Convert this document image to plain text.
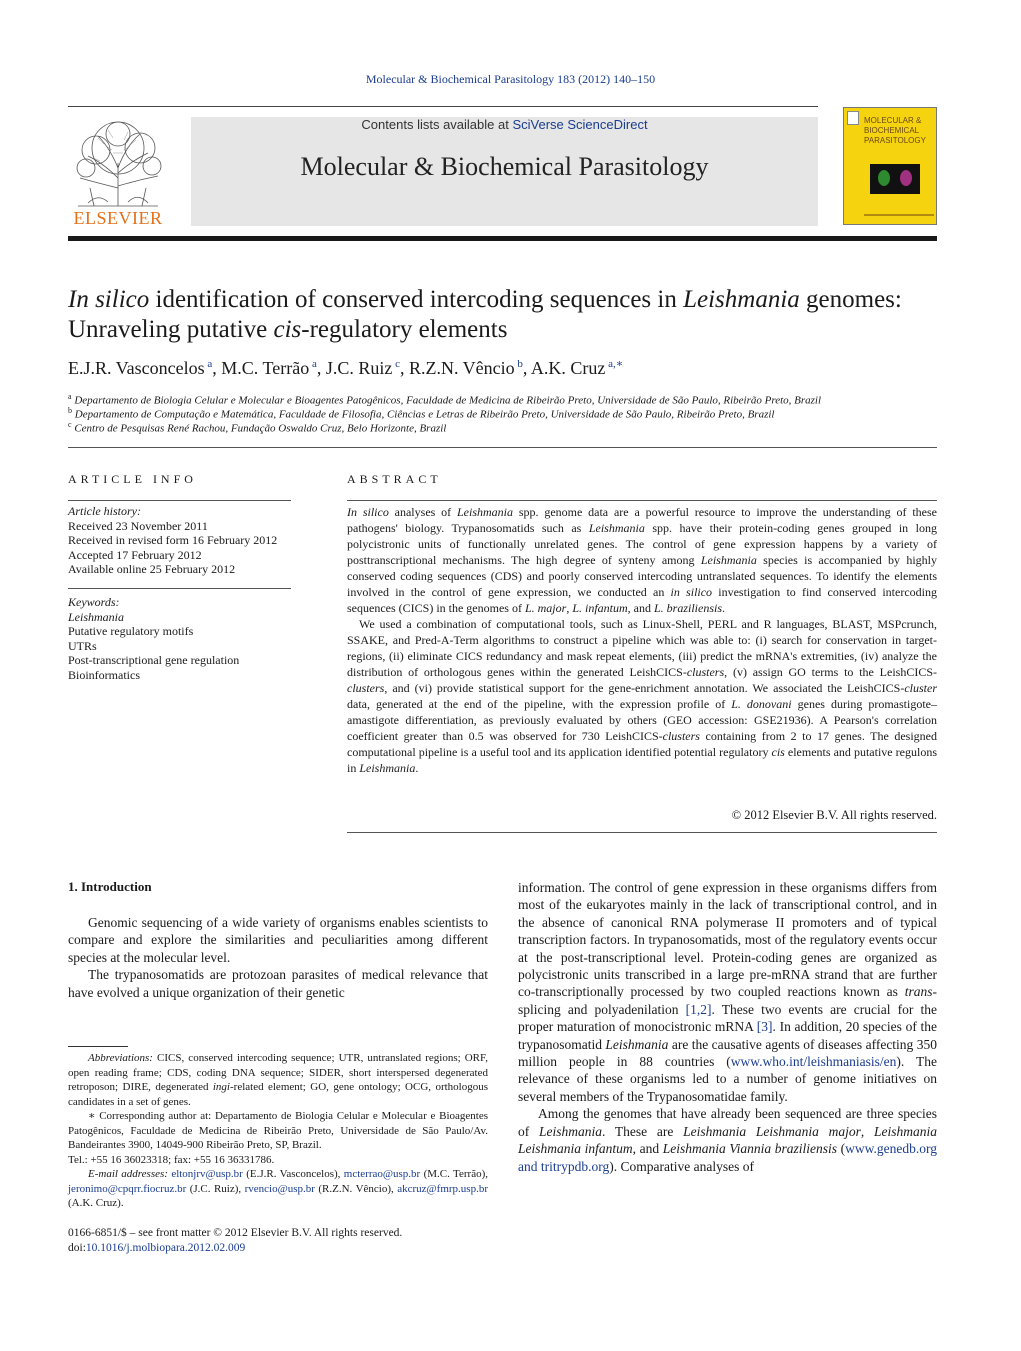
Molecular & Biochemical Parasitology 183 (2012) 140–150
ELSEVIER
Contents lists available at SciVerse ScienceDirect
Molecular & Biochemical Parasitology
MOLECULAR & BIOCHEMICAL PARASITOLOGY
In silico identification of conserved intercoding sequences in Leishmania genomes: Unraveling putative cis-regulatory elements
E.J.R. Vasconcelos $^a$, M.C. Terrão $^a$, J.C. Ruiz $^c$, R.Z.N. Vêncio $^b$, A.K. Cruz $^{a,∗}$
$^a$ Departamento de Biologia Celular e Molecular e Bioagentes Patogênicos, Faculdade de Medicina de Ribeirão Preto, Universidade de São Paulo, Ribeirão Preto, Brazil
$^b$ Departamento de Computação e Matemática, Faculdade de Filosofia, Ciências e Letras de Ribeirão Preto, Universidade de São Paulo, Ribeirão Preto, Brazil
$^c$ Centro de Pesquisas René Rachou, Fundação Oswaldo Cruz, Belo Horizonte, Brazil
ARTICLE INFO
Article history:
Received 23 November 2011
Received in revised form 16 February 2012
Accepted 17 February 2012
Available online 25 February 2012
Keywords:
Leishmania
Putative regulatory motifs
UTRs
Post-transcriptional gene regulation
Bioinformatics
ABSTRACT

In silico analyses of Leishmania spp. genome data are a powerful resource to improve the understanding of these pathogens' biology. Trypanosomatids such as Leishmania spp. have their protein-coding genes grouped in long polycistronic units of functionally unrelated genes. The control of gene expression happens by a variety of posttranscriptional mechanisms. The high degree of synteny among Leishmania species is accompanied by highly conserved coding sequences (CDS) and poorly conserved intercoding untranslated sequences. To identify the elements involved in the control of gene expression, we conducted an in silico investigation to find conserved intercoding sequences (CICS) in the genomes of L. major, L. infantum, and L. braziliensis.

We used a combination of computational tools, such as Linux-Shell, PERL and R languages, BLAST, MSPcrunch, SSAKE, and Pred-A-Term algorithms to construct a pipeline which was able to: (i) search for conservation in target-regions, (ii) eliminate CICS redundancy and mask repeat elements, (iii) predict the mRNA's extremities, (iv) analyze the distribution of orthologous genes within the generated LeishCICS-clusters, (v) assign GO terms to the LeishCICS-clusters, and (vi) provide statistical support for the gene-enrichment annotation. We associated the LeishCICS-cluster data, generated at the end of the pipeline, with the expression profile of L. donovani genes during promastigote–amastigote differentiation, as previously evaluated by others (GEO accession: GSE21936). A Pearson's correlation coefficient greater than 0.5 was observed for 730 LeishCICS-clusters containing from 2 to 17 genes. The designed computational pipeline is a useful tool and its application identified potential regulatory cis elements and putative regulons in Leishmania.

© 2012 Elsevier B.V. All rights reserved.
1. Introduction

Genomic sequencing of a wide variety of organisms enables scientists to compare and explore the similarities and peculiarities among different species at the molecular level.

The trypanosomatids are protozoan parasites of medical relevance that have evolved a unique organization of their genetic

information. The control of gene expression in these organisms differs from most of the eukaryotes mainly in the lack of transcriptional control, and in the absence of canonical RNA polymerase II promoters and of typical transcription factors. In trypanosomatids, most of the regulatory events occur at the post-transcriptional level. Protein-coding genes are organized as polycistronic units transcribed in a large pre-mRNA strand that are further co-transcriptionally processed by two coupled reactions known as trans-splicing and polyadenilation [1,2]. These two events are crucial for the proper maturation of monocistronic mRNA [3]. In addition, 20 species of the trypanosomatid Leishmania are the causative agents of diseases affecting 350 million people in 88 countries (www.who.int/leishmaniasis/en). The relevance of these organisms led to a number of genome initiatives on several members of the Trypanosomatidae family.

Among the genomes that have already been sequenced are three species of Leishmania. These are Leishmania Leishmania major, Leishmania Leishmania infantum, and Leishmania Viannia braziliensis (www.genedb.org and tritrypdb.org). Comparative analyses of

Abbreviations: CICS, conserved intercoding sequence; UTR, untranslated regions; ORF, open reading frame; CDS, coding DNA sequence; SIDER, short interspersed degenerated retroposon; DIRE, degenerated ingi-related element; GO, gene ontology; OCG, orthologous candidates in a set of genes.

∗ Corresponding author at: Departamento de Biologia Celular e Molecular e Bioagentes Patogênicos, Faculdade de Medicina de Ribeirão Preto, Universidade de São Paulo/Av. Bandeirantes 3900, 14049-900 Ribeirão Preto, SP, Brazil.

Tel.: +55 16 36023318; fax: +55 16 36331786.

E-mail addresses: eltonjrv@usp.br (E.J.R. Vasconcelos), mcterrao@usp.br (M.C. Terrão), jeronimo@cpqrr.fiocruz.br (J.C. Ruiz), rvencio@usp.br (R.Z.N. Vêncio), akcruz@fmrp.usp.br (A.K. Cruz).

0166-6851/$ – see front matter © 2012 Elsevier B.V. All rights reserved.
doi:10.1016/j.molbiopara.2012.02.009
